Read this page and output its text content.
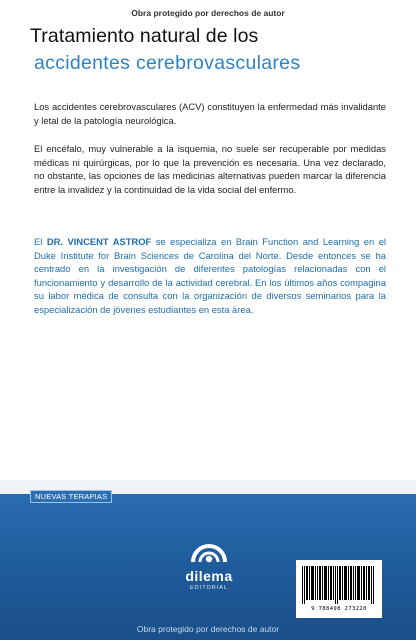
Obra protegido por derechos de autor
Tratamiento natural de los
accidentes cerebrovasculares

Los accidentes cerebrovasculares (ACV) constituyen la enfermedad más invalidante y letal de la patología neurológica.

El encéfalo, muy vulnerable a la isquemia, no suele ser recuperable por medidas médicas ni quirúrgicas, por lo que la prevención es necesaria. Una vez declarado, no obstante, las opciones de las medicinas alternativas pueden marcar la diferencia entre la invalidez y la continuidad de la vida social del enfermo.

El DR. VINCENT ASTROF se especializa en Brain Function and Learning en el Duke Institute for Brain Sciences de Carolina del Norte. Desde entonces se ha centrado en la investigación de diferentes patologías relacionadas con el funcionamiento y desarrollo de la actividad cerebral. En los últimos años compagina su labor médica de consulta con la organización de diversos seminarios para la especialización de jóvenes estudiantes en esta área.

NUEVAS TERAPIAS
dilema
EDITORIAL
9 788498 273220
Obra protegido por derechos de autor
